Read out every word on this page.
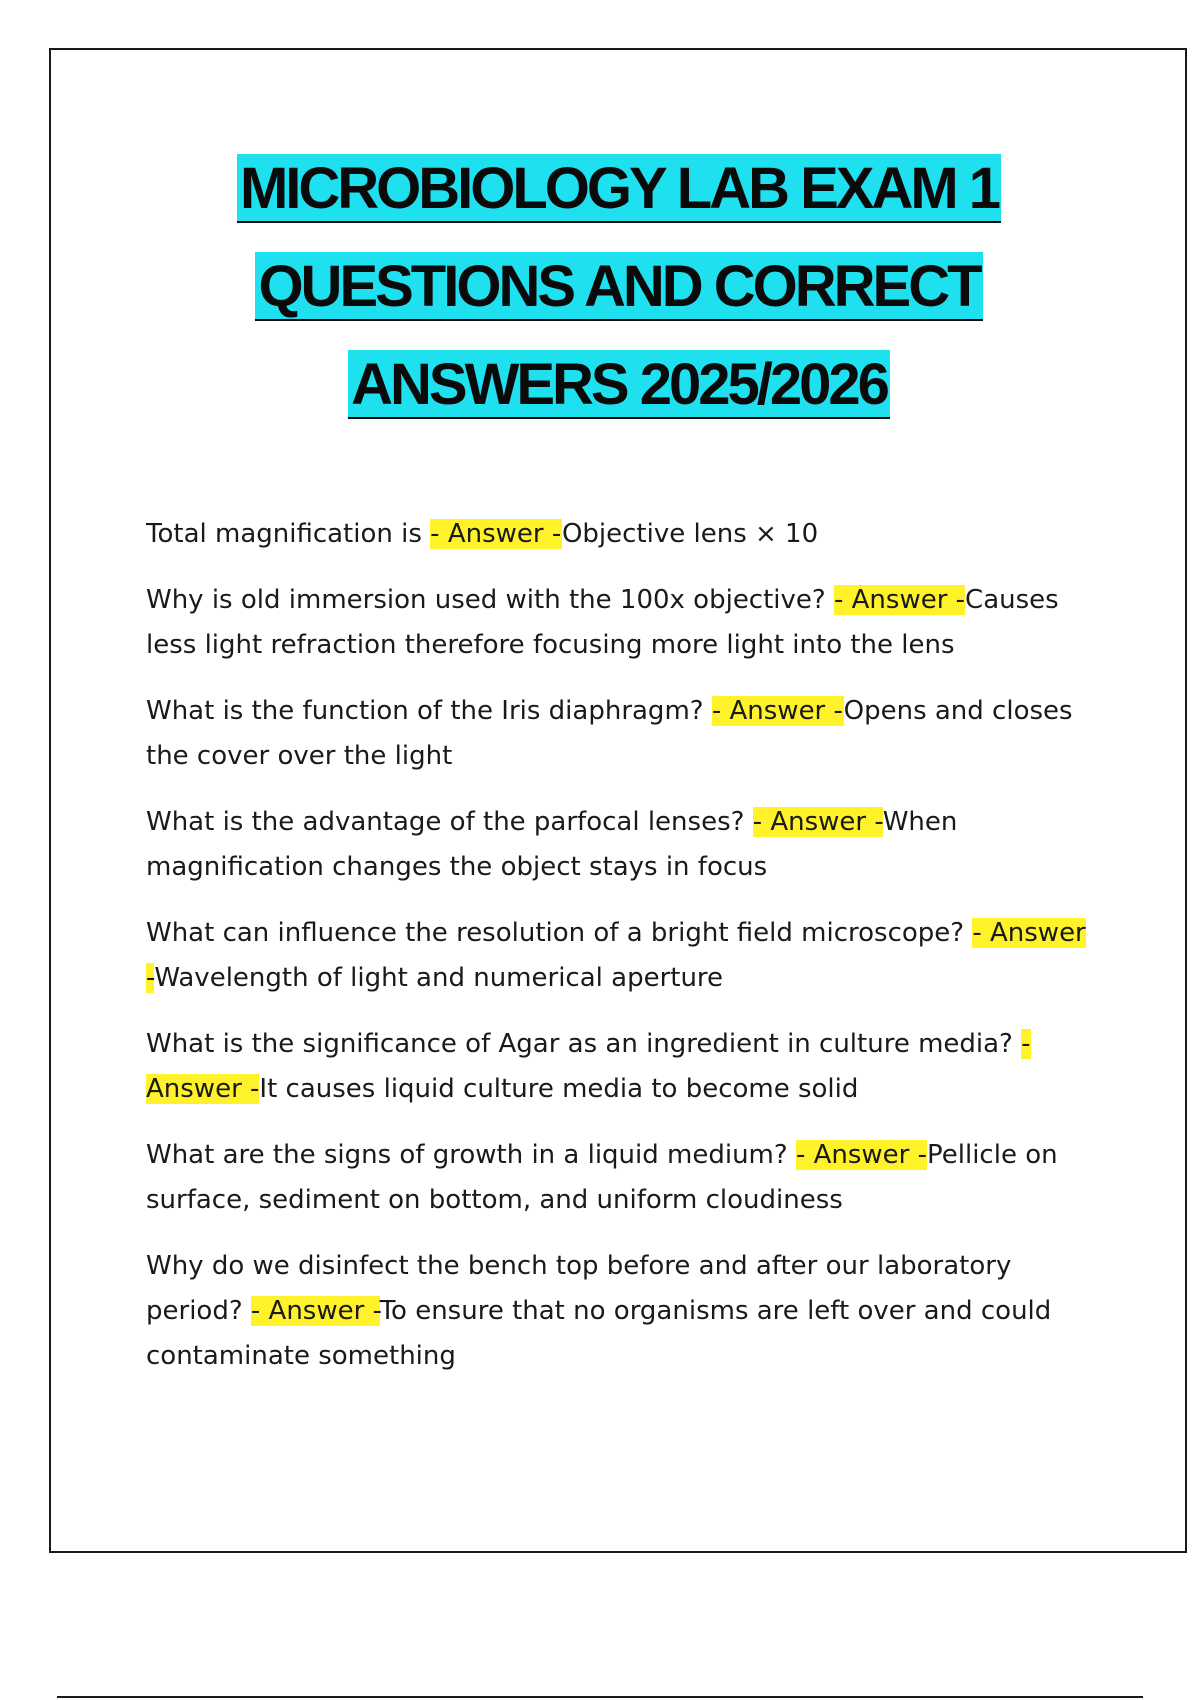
MICROBIOLOGY LAB EXAM 1
QUESTIONS AND CORRECT
ANSWERS 2025/2026

Total magnification is - Answer -Objective lens × 10

Why is old immersion used with the 100x objective? - Answer -Causes less light refraction therefore focusing more light into the lens

What is the function of the Iris diaphragm? - Answer -Opens and closes the cover over the light

What is the advantage of the parfocal lenses? - Answer -When magnification changes the object stays in focus

What can influence the resolution of a bright field microscope? - Answer -Wavelength of light and numerical aperture

What is the significance of Agar as an ingredient in culture media? - Answer -It causes liquid culture media to become solid

What are the signs of growth in a liquid medium? - Answer -Pellicle on surface, sediment on bottom, and uniform cloudiness

Why do we disinfect the bench top before and after our laboratory period? - Answer -To ensure that no organisms are left over and could contaminate something
